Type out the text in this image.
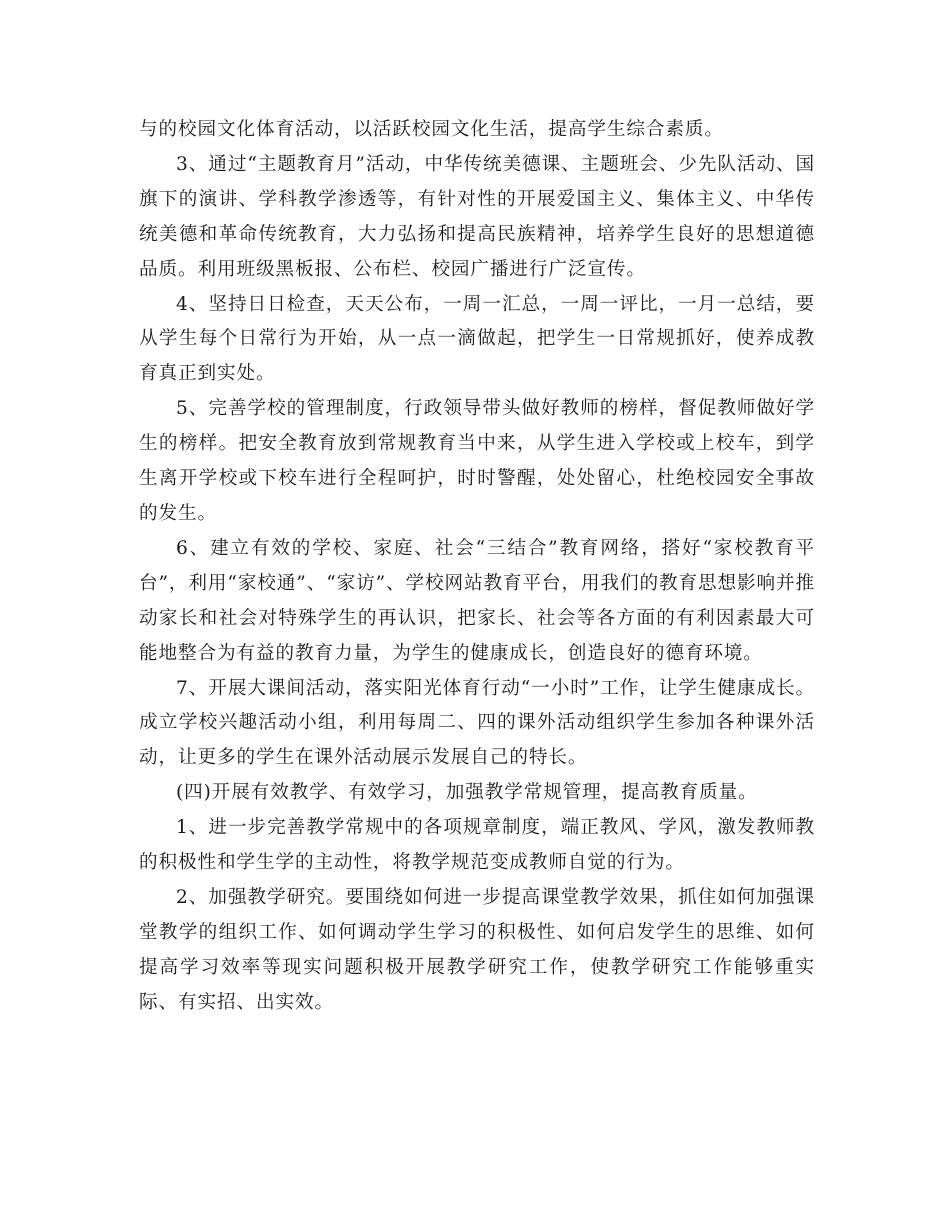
与的校园文化体育活动，以活跃校园文化生活，提高学生综合素质。

3、通过“主题教育月”活动，中华传统美德课、主题班会、少先队活动、国旗下的演讲、学科教学渗透等，有针对性的开展爱国主义、集体主义、中华传统美德和革命传统教育，大力弘扬和提高民族精神，培养学生良好的思想道德品质。利用班级黑板报、公布栏、校园广播进行广泛宣传。

4、坚持日日检查，天天公布，一周一汇总，一周一评比，一月一总结，要从学生每个日常行为开始，从一点一滴做起，把学生一日常规抓好，使养成教育真正到实处。

5、完善学校的管理制度，行政领导带头做好教师的榜样，督促教师做好学生的榜样。把安全教育放到常规教育当中来，从学生进入学校或上校车，到学生离开学校或下校车进行全程呵护，时时警醒，处处留心，杜绝校园安全事故的发生。

6、建立有效的学校、家庭、社会“三结合”教育网络，搭好“家校教育平台”，利用“家校通”、“家访”、学校网站教育平台，用我们的教育思想影响并推动家长和社会对特殊学生的再认识，把家长、社会等各方面的有利因素最大可能地整合为有益的教育力量，为学生的健康成长，创造良好的德育环境。

7、开展大课间活动，落实阳光体育行动“一小时”工作，让学生健康成长。成立学校兴趣活动小组，利用每周二、四的课外活动组织学生参加各种课外活动，让更多的学生在课外活动展示发展自己的特长。

(四)开展有效教学、有效学习，加强教学常规管理，提高教育质量。

1、进一步完善教学常规中的各项规章制度，端正教风、学风，激发教师教的积极性和学生学的主动性，将教学规范变成教师自觉的行为。

2、加强教学研究。要围绕如何进一步提高课堂教学效果，抓住如何加强课堂教学的组织工作、如何调动学生学习的积极性、如何启发学生的思维、如何提高学习效率等现实问题积极开展教学研究工作，使教学研究工作能够重实际、有实招、出实效。
